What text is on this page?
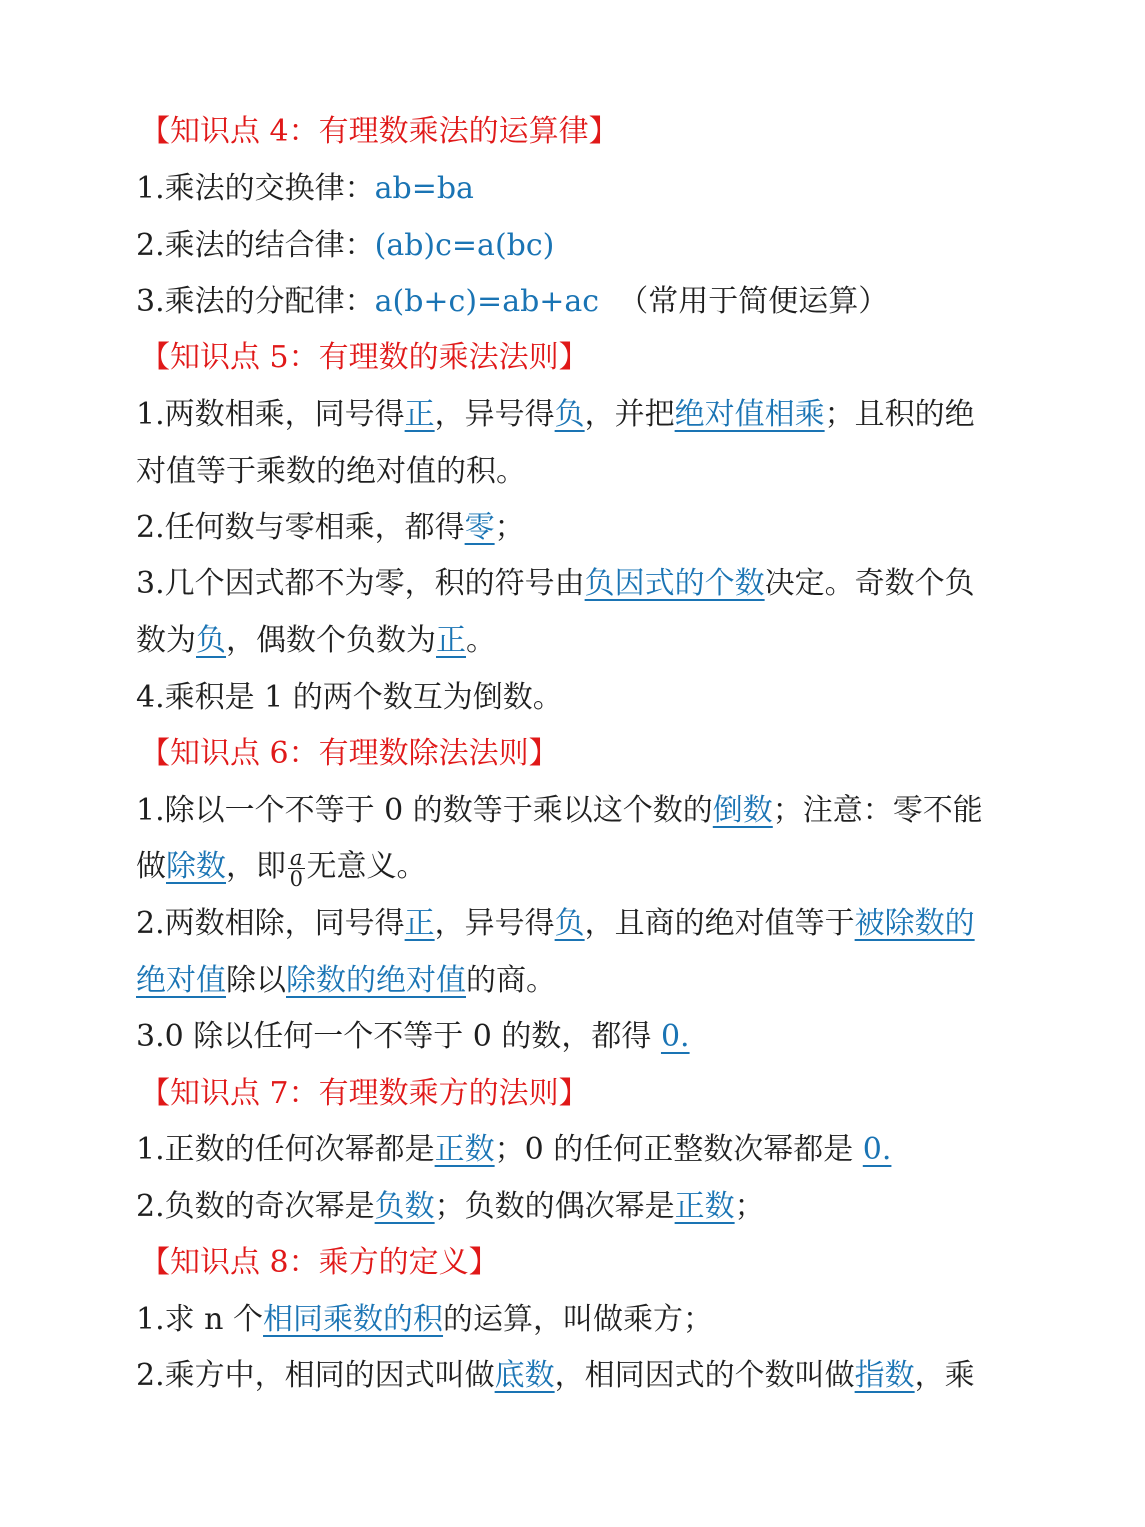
【知识点 4：有理数乘法的运算律】
1.乘法的交换律：ab=ba
2.乘法的结合律：(ab)c=a(bc)
3.乘法的分配律：a(b+c)=ab+ac （常用于简便运算）
【知识点 5：有理数的乘法法则】
1.两数相乘，同号得正，异号得负，并把绝对值相乘；且积的绝
对值等于乘数的绝对值的积。
2.任何数与零相乘，都得零；
3.几个因式都不为零，积的符号由负因式的个数决定。奇数个负
数为负，偶数个负数为正。
4.乘积是 1 的两个数互为倒数。
【知识点 6：有理数除法法则】
1.除以一个不等于 0 的数等于乘以这个数的倒数；注意：零不能
做除数，即 $\frac{a}{0}$ 无意义。
2.两数相除，同号得正，异号得负，且商的绝对值等于被除数的
绝对值除以除数的绝对值的商。
3.0 除以任何一个不等于 0 的数，都得 0.
【知识点 7：有理数乘方的法则】
1.正数的任何次幂都是正数；0 的任何正整数次幂都是 0.
2.负数的奇次幂是负数；负数的偶次幂是正数；
【知识点 8：乘方的定义】
1.求 n 个相同乘数的积的运算，叫做乘方；
2.乘方中，相同的因式叫做底数，相同因式的个数叫做指数，乘
